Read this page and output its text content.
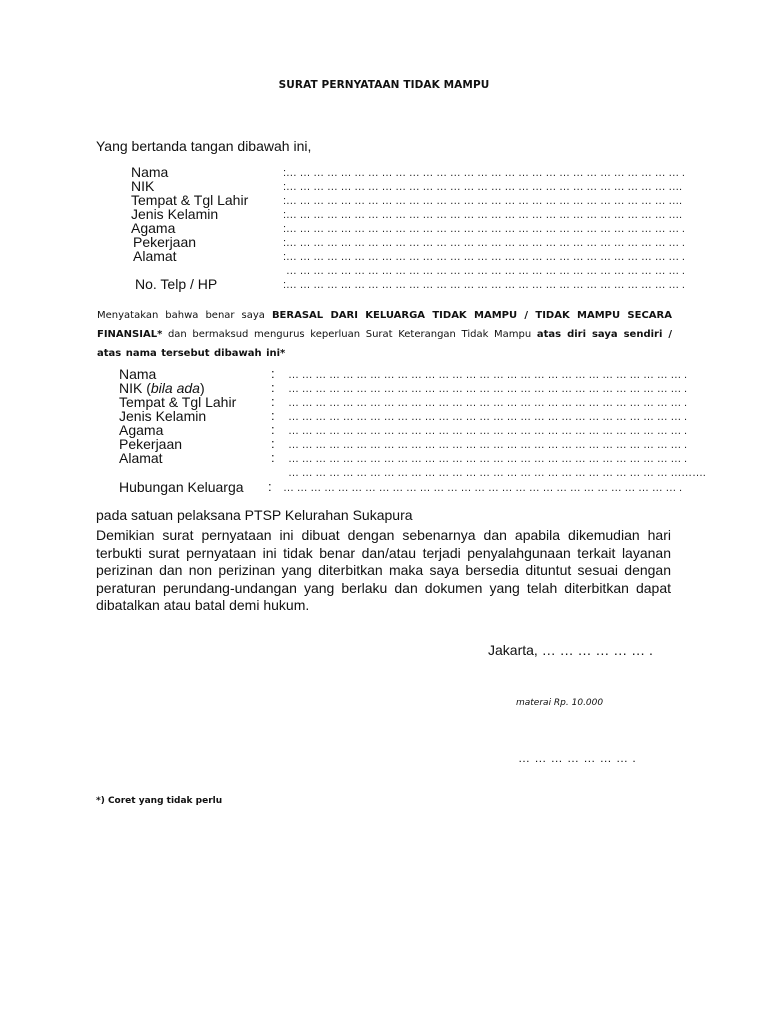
SURAT PERNYATAAN TIDAK MAMPU
Yang bertanda tangan dibawah ini,
Nama
NIK
Tempat & Tgl Lahir
Jenis Kelamin
Agama
Pekerjaan
Alamat
No. Telp / HP
:… … … … … … … … … … … … … … … … … … … … … … … … … … … … … .
:… … … … … … … … … … … … … … … … … … … … … … … … … … … … ….
:… … … … … … … … … … … … … … … … … … … … … … … … … … … … ….
:… … … … … … … … … … … … … … … … … … … … … … … … … … … … ….
:… … … … … … … … … … … … … … … … … … … … … … … … … … … … … .
:… … … … … … … … … … … … … … … … … … … … … … … … … … … … … .
:… … … … … … … … … … … … … … … … … … … … … … … … … … … … … .
… … … … … … … … … … … … … … … … … … … … … … … … … … … … … .
:… … … … … … … … … … … … … … … … … … … … … … … … … … … … … .
Menyatakan bahwa benar saya BERASAL DARI KELUARGA TIDAK MAMPU / TIDAK MAMPU SECARA FINANSIAL* dan bermaksud mengurus keperluan Surat Keterangan Tidak Mampu atas diri saya sendiri / atas nama tersebut dibawah ini*
Nama
NIK (bila ada)
Tempat & Tgl Lahir
Jenis Kelamin
Agama
Pekerjaan
Alamat
Hubungan Keluarga
:
:
:
:
:
:
:
:
… … … … … … … … … … … … … … … … … … … … … … … … … … … … … .
… … … … … … … … … … … … … … … … … … … … … … … … … … … … … .
… … … … … … … … … … … … … … … … … … … … … … … … … … … … … .
… … … … … … … … … … … … … … … … … … … … … … … … … … … … … .
… … … … … … … … … … … … … … … … … … … … … … … … … … … … … .
… … … … … … … … … … … … … … … … … … … … … … … … … … … … … .
… … … … … … … … … … … … … … … … … … … … … … … … … … … … … .
… … … … … … … … … … … … … … … … … … … … … … … … … … … … ……….
… … … … … … … … … … … … … … … … … … … … … … … … … … … … … .
pada satuan pelaksana PTSP Kelurahan Sukapura
Demikian surat pernyataan ini dibuat dengan sebenarnya dan apabila dikemudian hari terbukti surat pernyataan ini tidak benar dan/atau terjadi penyalahgunaan terkait layanan perizinan dan non perizinan yang diterbitkan maka saya bersedia dituntut sesuai dengan peraturan perundang-undangan yang berlaku dan dokumen yang telah diterbitkan dapat dibatalkan atau batal demi hukum.
Jakarta, … … … … … … .
materai Rp. 10.000
… … … … … … … .
*) Coret yang tidak perlu
